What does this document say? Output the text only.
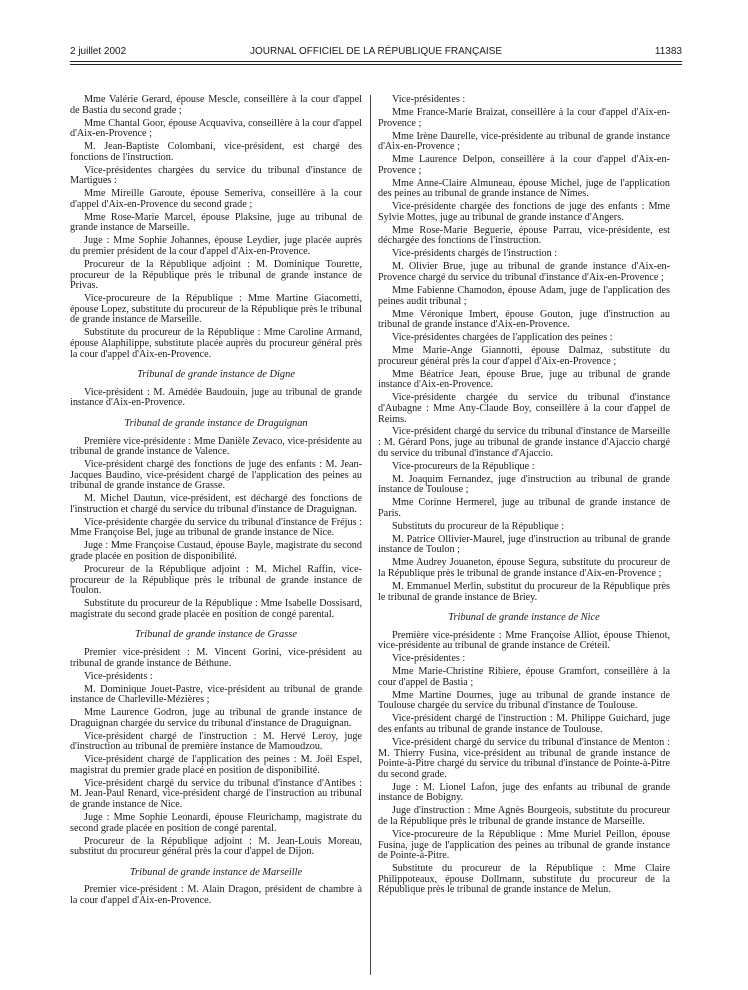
2 juillet 2002	JOURNAL OFFICIEL DE LA RÉPUBLIQUE FRANÇAISE	11383
Mme Valérie Gerard, épouse Mescle, conseillère à la cour d'appel de Bastia du second grade ;
Mme Chantal Goor, épouse Acquaviva, conseillère à la cour d'appel d'Aix-en-Provence ;
M. Jean-Baptiste Colombani, vice-président, est chargé des fonctions de l'instruction.
Vice-présidentes chargées du service du tribunal d'instance de Martigues :
Mme Mireille Garoute, épouse Semeriva, conseillère à la cour d'appel d'Aix-en-Provence du second grade ;
Mme Rose-Marie Marcel, épouse Plaksine, juge au tribunal de grande instance de Marseille.
Juge : Mme Sophie Johannes, épouse Leydier, juge placée auprès du premier président de la cour d'appel d'Aix-en-Provence.
Procureur de la République adjoint : M. Dominique Tourette, procureur de la République près le tribunal de grande instance de Privas.
Vice-procureure de la République : Mme Martine Giacometti, épouse Lopez, substitute du procureur de la République près le tribunal de grande instance de Marseille.
Substitute du procureur de la République : Mme Caroline Armand, épouse Alaphilippe, substitute placée auprès du procureur général près la cour d'appel d'Aix-en-Provence.
Tribunal de grande instance de Digne
Vice-président : M. Amédée Baudouin, juge au tribunal de grande instance d'Aix-en-Provence.
Tribunal de grande instance de Draguignan
Première vice-présidente : Mme Danièle Zevaco, vice-présidente au tribunal de grande instance de Valence.
Vice-président chargé des fonctions de juge des enfants : M. Jean-Jacques Baudino, vice-président chargé de l'application des peines au tribunal de grande instance de Grasse.
M. Michel Dautun, vice-président, est déchargé des fonctions de l'instruction et chargé du service du tribunal d'instance de Draguignan.
Vice-présidente chargée du service du tribunal d'instance de Fréjus : Mme Françoise Bel, juge au tribunal de grande instance de Nice.
Juge : Mme Françoise Custaud, épouse Bayle, magistrate du second grade placée en position de disponibilité.
Procureur de la République adjoint : M. Michel Raffin, vice-procureur de la République près le tribunal de grande instance de Toulon.
Substitute du procureur de la République : Mme Isabelle Dossisard, magistrate du second grade placée en position de congé parental.
Tribunal de grande instance de Grasse
Premier vice-président : M. Vincent Gorini, vice-président au tribunal de grande instance de Béthune.
Vice-présidents :
M. Dominique Jouet-Pastre, vice-président au tribunal de grande instance de Charleville-Mézières ;
Mme Laurence Godron, juge au tribunal de grande instance de Draguignan chargée du service du tribunal d'instance de Draguignan.
Vice-président chargé de l'instruction : M. Hervé Leroy, juge d'instruction au tribunal de première instance de Mamoudzou.
Vice-président chargé de l'application des peines : M. Joël Espel, magistrat du premier grade placé en position de disponibilité.
Vice-président chargé du service du tribunal d'instance d'Antibes : M. Jean-Paul Renard, vice-président chargé de l'instruction au tribunal de grande instance de Nice.
Juge : Mme Sophie Leonardi, épouse Fleurichamp, magistrate du second grade placée en position de congé parental.
Procureur de la République adjoint : M. Jean-Louis Moreau, substitut du procureur général près la cour d'appel de Dijon.
Tribunal de grande instance de Marseille
Premier vice-président : M. Alain Dragon, président de chambre à la cour d'appel d'Aix-en-Provence.
Vice-présidentes :
Mme France-Marie Braizat, conseillère à la cour d'appel d'Aix-en-Provence ;
Mme Irène Daurelle, vice-présidente au tribunal de grande instance d'Aix-en-Provence ;
Mme Laurence Delpon, conseillère à la cour d'appel d'Aix-en-Provence ;
Mme Anne-Claire Almuneau, épouse Michel, juge de l'application des peines au tribunal de grande instance de Nîmes.
Vice-présidente chargée des fonctions de juge des enfants : Mme Sylvie Mottes, juge au tribunal de grande instance d'Angers.
Mme Rose-Marie Beguerie, épouse Parrau, vice-présidente, est déchargée des fonctions de l'instruction.
Vice-présidents chargés de l'instruction :
M. Olivier Brue, juge au tribunal de grande instance d'Aix-en-Provence chargé du service du tribunal d'instance d'Aix-en-Provence ;
Mme Fabienne Chamodon, épouse Adam, juge de l'application des peines audit tribunal ;
Mme Véronique Imbert, épouse Gouton, juge d'instruction au tribunal de grande instance d'Aix-en-Provence.
Vice-présidentes chargées de l'application des peines :
Mme Marie-Ange Giannotti, épouse Dalmaz, substitute du procureur général près la cour d'appel d'Aix-en-Provence ;
Mme Béatrice Jean, épouse Brue, juge au tribunal de grande instance d'Aix-en-Provence.
Vice-présidente chargée du service du tribunal d'instance d'Aubagne : Mme Any-Claude Boy, conseillère à la cour d'appel de Reims.
Vice-président chargé du service du tribunal d'instance de Marseille : M. Gérard Pons, juge au tribunal de grande instance d'Ajaccio chargé du service du tribunal d'instance d'Ajaccio.
Vice-procureurs de la République :
M. Joaquim Fernandez, juge d'instruction au tribunal de grande instance de Toulouse ;
Mme Corinne Hermerel, juge au tribunal de grande instance de Paris.
Substituts du procureur de la République :
M. Patrice Ollivier-Maurel, juge d'instruction au tribunal de grande instance de Toulon ;
Mme Audrey Jouaneton, épouse Segura, substitute du procureur de la République près le tribunal de grande instance d'Aix-en-Provence ;
M. Emmanuel Merlin, substitut du procureur de la République près le tribunal de grande instance de Briey.
Tribunal de grande instance de Nice
Première vice-présidente : Mme Françoise Alliot, épouse Thienot, vice-présidente au tribunal de grande instance de Créteil.
Vice-présidentes :
Mme Marie-Christine Ribiere, épouse Gramfort, conseillère à la cour d'appel de Bastia ;
Mme Martine Dournes, juge au tribunal de grande instance de Toulouse chargée du service du tribunal d'instance de Toulouse.
Vice-président chargé de l'instruction : M. Philippe Guichard, juge des enfants au tribunal de grande instance de Toulouse.
Vice-président chargé du service du tribunal d'instance de Menton : M. Thierry Fusina, vice-président au tribunal de grande instance de Pointe-à-Pitre chargé du service du tribunal d'instance de Pointe-à-Pitre du second grade.
Juge : M. Lionel Lafon, juge des enfants au tribunal de grande instance de Bobigny.
Juge d'instruction : Mme Agnès Bourgeois, substitute du procureur de la République près le tribunal de grande instance de Marseille.
Vice-procureure de la République : Mme Muriel Peillon, épouse Fusina, juge de l'application des peines au tribunal de grande instance de Pointe-à-Pitre.
Substitute du procureur de la République : Mme Claire Philippoteaux, épouse Dollmann, substitute du procureur de la République près le tribunal de grande instance de Melun.
